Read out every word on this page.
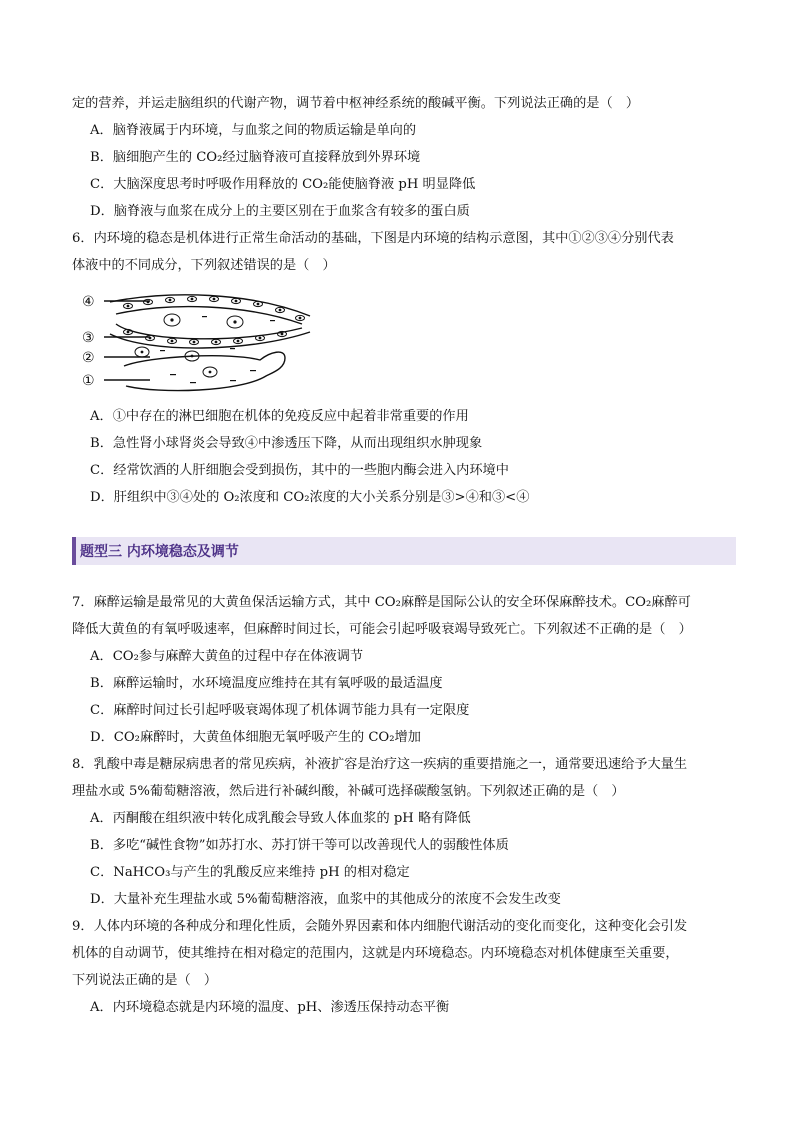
定的营养，并运走脑组织的代谢产物，调节着中枢神经系统的酸碱平衡。下列说法正确的是（　）
A．脑脊液属于内环境，与血浆之间的物质运输是单向的
B．脑细胞产生的 CO₂经过脑脊液可直接释放到外界环境
C．大脑深度思考时呼吸作用释放的 CO₂能使脑脊液 pH 明显降低
D．脑脊液与血浆在成分上的主要区别在于血浆含有较多的蛋白质
6．内环境的稳态是机体进行正常生命活动的基础，下图是内环境的结构示意图，其中①②③④分别代表
体液中的不同成分，下列叙述错误的是（　）
④
③
②
①
A．①中存在的淋巴细胞在机体的免疫反应中起着非常重要的作用
B．急性肾小球肾炎会导致④中渗透压下降，从而出现组织水肿现象
C．经常饮酒的人肝细胞会受到损伤，其中的一些胞内酶会进入内环境中
D．肝组织中③④处的 O₂浓度和 CO₂浓度的大小关系分别是③>④和③<④
题型三 内环境稳态及调节
7．麻醉运输是最常见的大黄鱼保活运输方式，其中 CO₂麻醉是国际公认的安全环保麻醉技术。CO₂麻醉可
降低大黄鱼的有氧呼吸速率，但麻醉时间过长，可能会引起呼吸衰竭导致死亡。下列叙述不正确的是（　）
A．CO₂参与麻醉大黄鱼的过程中存在体液调节
B．麻醉运输时，水环境温度应维持在其有氧呼吸的最适温度
C．麻醉时间过长引起呼吸衰竭体现了机体调节能力具有一定限度
D．CO₂麻醉时，大黄鱼体细胞无氧呼吸产生的 CO₂增加
8．乳酸中毒是糖尿病患者的常见疾病，补液扩容是治疗这一疾病的重要措施之一，通常要迅速给予大量生
理盐水或 5%葡萄糖溶液，然后进行补碱纠酸，补碱可选择碳酸氢钠。下列叙述正确的是（　）
A．丙酮酸在组织液中转化成乳酸会导致人体血浆的 pH 略有降低
B．多吃“碱性食物”如苏打水、苏打饼干等可以改善现代人的弱酸性体质
C．NaHCO₃与产生的乳酸反应来维持 pH 的相对稳定
D．大量补充生理盐水或 5%葡萄糖溶液，血浆中的其他成分的浓度不会发生改变
9．人体内环境的各种成分和理化性质，会随外界因素和体内细胞代谢活动的变化而变化，这种变化会引发
机体的自动调节，使其维持在相对稳定的范围内，这就是内环境稳态。内环境稳态对机体健康至关重要，
下列说法正确的是（　）
A．内环境稳态就是内环境的温度、pH、渗透压保持动态平衡
